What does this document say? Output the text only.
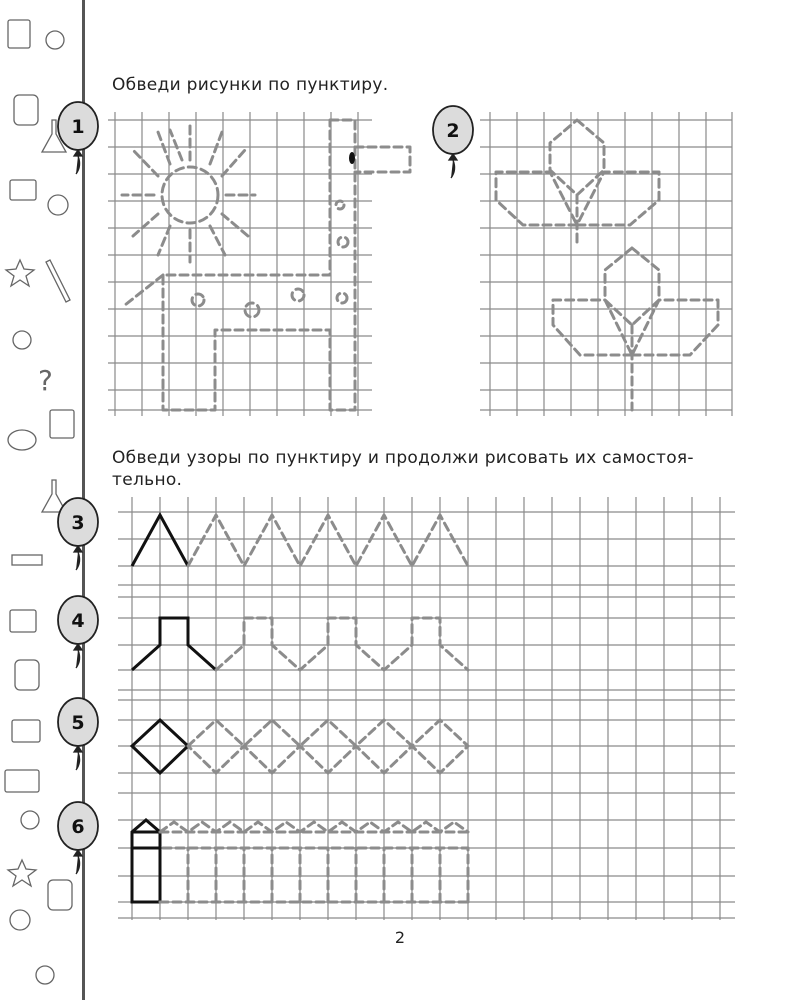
?
Обведи рисунки по пунктиру.
Обведи узоры по пунктиру и продолжи рисовать их самостоя-
тельно.
1	2
3
4
5
6
2
